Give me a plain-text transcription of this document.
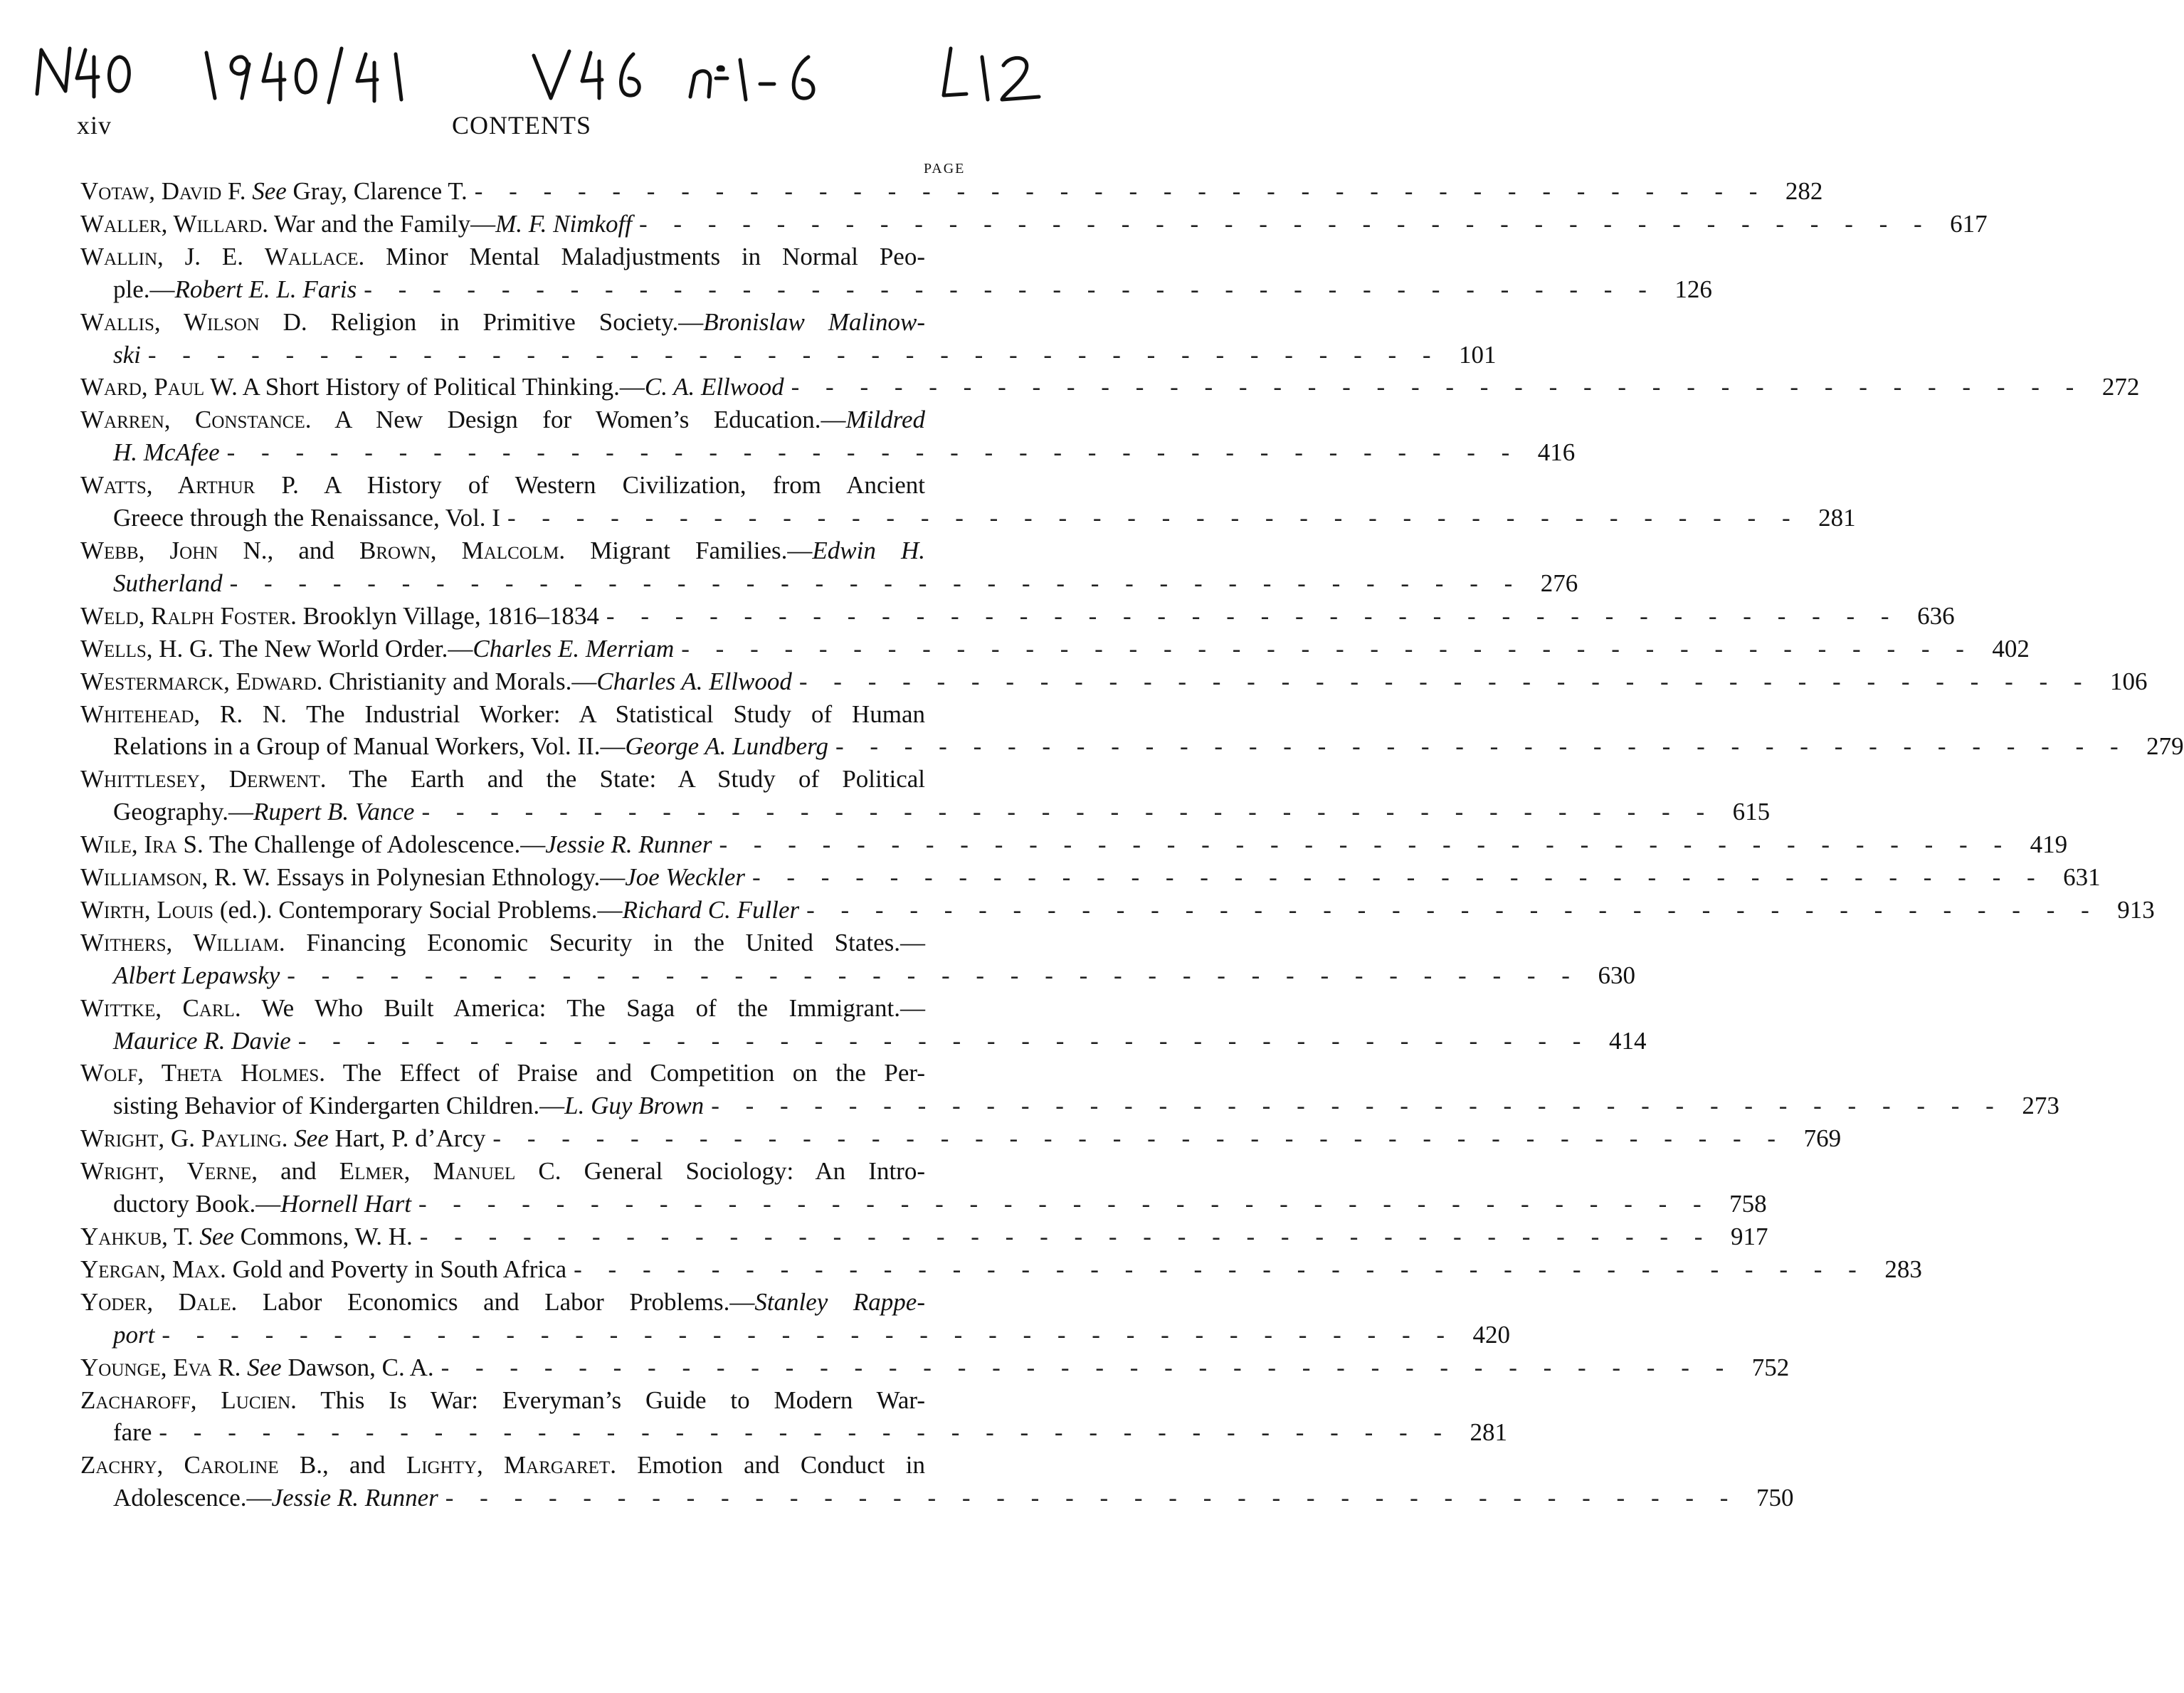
xiv	CONTENTS
PAGE
Votaw, David F. See Gray, Clarence T. - - - - - - - - - - - - - - - - - - - - - - - - - - - - - - - - - - - - - - 282
Waller, Willard. War and the Family—M. F. Nimkoff - - - - - - - - - - - - - - - - - - - - - - - - - - - - - - - - - - - - - - 617
Wallin, J. E. Wallace. Minor Mental Maladjustments in Normal Peo-
ple.—Robert E. L. Faris - - - - - - - - - - - - - - - - - - - - - - - - - - - - - - - - - - - - - - 126
Wallis, Wilson D. Religion in Primitive Society.—Bronislaw Malinow-
ski - - - - - - - - - - - - - - - - - - - - - - - - - - - - - - - - - - - - - - 101
Ward, Paul W. A Short History of Political Thinking.—C. A. Ellwood - - - - - - - - - - - - - - - - - - - - - - - - - - - - - - - - - - - - - - 272
Warren, Constance. A New Design for Women’s Education.—Mildred
H. McAfee - - - - - - - - - - - - - - - - - - - - - - - - - - - - - - - - - - - - - - 416
Watts, Arthur P. A History of Western Civilization, from Ancient
Greece through the Renaissance, Vol. I - - - - - - - - - - - - - - - - - - - - - - - - - - - - - - - - - - - - - - 281
Webb, John N., and Brown, Malcolm. Migrant Families.—Edwin H.
Sutherland - - - - - - - - - - - - - - - - - - - - - - - - - - - - - - - - - - - - - - 276
Weld, Ralph Foster. Brooklyn Village, 1816–1834 - - - - - - - - - - - - - - - - - - - - - - - - - - - - - - - - - - - - - - 636
Wells, H. G. The New World Order.—Charles E. Merriam - - - - - - - - - - - - - - - - - - - - - - - - - - - - - - - - - - - - - - 402
Westermarck, Edward. Christianity and Morals.—Charles A. Ellwood - - - - - - - - - - - - - - - - - - - - - - - - - - - - - - - - - - - - - - 106
Whitehead, R. N. The Industrial Worker: A Statistical Study of Human
Relations in a Group of Manual Workers, Vol. II.—George A. Lundberg - - - - - - - - - - - - - - - - - - - - - - - - - - - - - - - - - - - - - - 279
Whittlesey, Derwent. The Earth and the State: A Study of Political
Geography.—Rupert B. Vance - - - - - - - - - - - - - - - - - - - - - - - - - - - - - - - - - - - - - - 615
Wile, Ira S. The Challenge of Adolescence.—Jessie R. Runner - - - - - - - - - - - - - - - - - - - - - - - - - - - - - - - - - - - - - - 419
Williamson, R. W. Essays in Polynesian Ethnology.—Joe Weckler - - - - - - - - - - - - - - - - - - - - - - - - - - - - - - - - - - - - - - 631
Wirth, Louis (ed.). Contemporary Social Problems.—Richard C. Fuller - - - - - - - - - - - - - - - - - - - - - - - - - - - - - - - - - - - - - - 913
Withers, William. Financing Economic Security in the United States.—
Albert Lepawsky - - - - - - - - - - - - - - - - - - - - - - - - - - - - - - - - - - - - - - 630
Wittke, Carl. We Who Built America: The Saga of the Immigrant.—
Maurice R. Davie - - - - - - - - - - - - - - - - - - - - - - - - - - - - - - - - - - - - - - 414
Wolf, Theta Holmes. The Effect of Praise and Competition on the Per-
sisting Behavior of Kindergarten Children.—L. Guy Brown - - - - - - - - - - - - - - - - - - - - - - - - - - - - - - - - - - - - - - 273
Wright, G. Payling. See Hart, P. d’Arcy - - - - - - - - - - - - - - - - - - - - - - - - - - - - - - - - - - - - - - 769
Wright, Verne, and Elmer, Manuel C. General Sociology: An Intro-
ductory Book.—Hornell Hart - - - - - - - - - - - - - - - - - - - - - - - - - - - - - - - - - - - - - - 758
Yahkub, T. See Commons, W. H. - - - - - - - - - - - - - - - - - - - - - - - - - - - - - - - - - - - - - - 917
Yergan, Max. Gold and Poverty in South Africa - - - - - - - - - - - - - - - - - - - - - - - - - - - - - - - - - - - - - - 283
Yoder, Dale. Labor Economics and Labor Problems.—Stanley Rappe-
port - - - - - - - - - - - - - - - - - - - - - - - - - - - - - - - - - - - - - - 420
Younge, Eva R. See Dawson, C. A. - - - - - - - - - - - - - - - - - - - - - - - - - - - - - - - - - - - - - - 752
Zacharoff, Lucien. This Is War: Everyman’s Guide to Modern War-
fare - - - - - - - - - - - - - - - - - - - - - - - - - - - - - - - - - - - - - - 281
Zachry, Caroline B., and Lighty, Margaret. Emotion and Conduct in
Adolescence.—Jessie R. Runner - - - - - - - - - - - - - - - - - - - - - - - - - - - - - - - - - - - - - - 750
